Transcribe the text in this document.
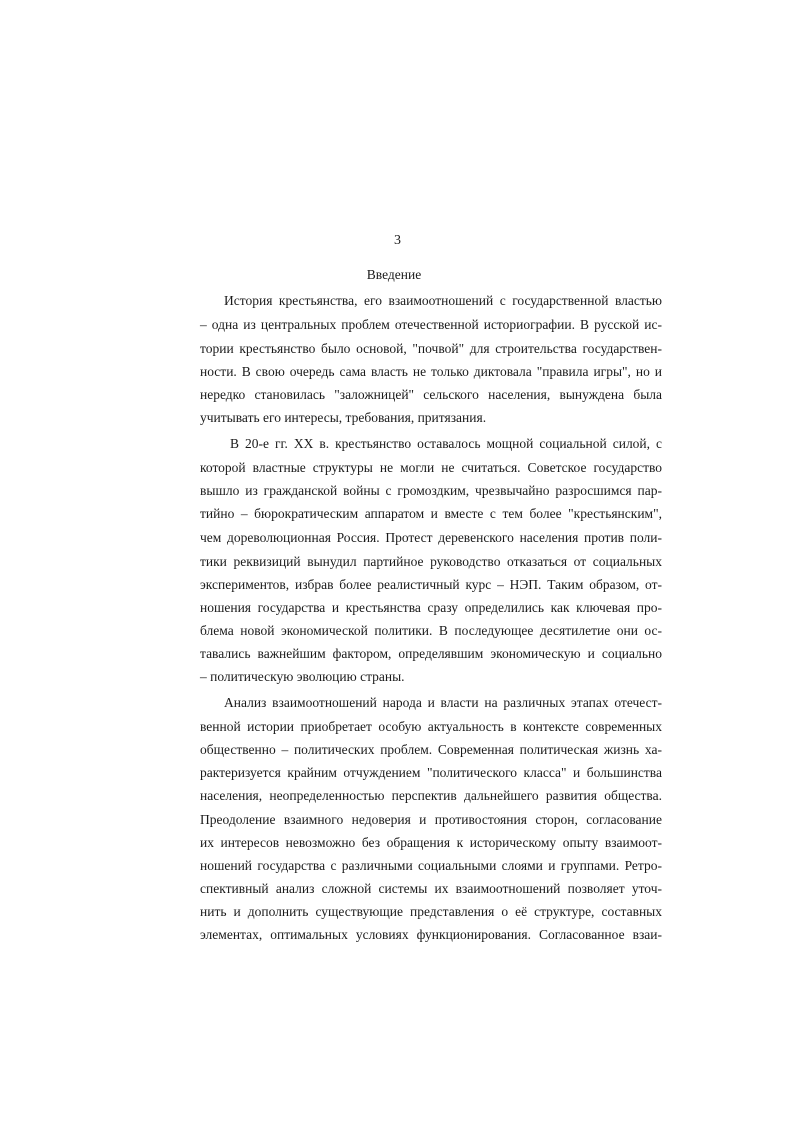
3
Введение
История крестьянства, его взаимоотношений с государственной властью
– одна из центральных проблем отечественной историографии. В русской ис-
тории крестьянство было основой, "почвой" для строительства государствен-
ности. В свою очередь сама власть не только диктовала "правила игры", но и
нередко становилась "заложницей" сельского населения, вынуждена была
учитывать его интересы, требования, притязания.
В 20-е гг. XX в. крестьянство оставалось мощной социальной силой, с
которой властные структуры не могли не считаться. Советское государство
вышло из гражданской войны с громоздким, чрезвычайно разросшимся пар-
тийно – бюрократическим аппаратом и вместе с тем более "крестьянским",
чем дореволюционная Россия. Протест деревенского населения против поли-
тики реквизиций вынудил партийное руководство отказаться от социальных
экспериментов, избрав более реалистичный курс – НЭП. Таким образом, от-
ношения государства и крестьянства сразу определились как ключевая про-
блема новой экономической политики. В последующее десятилетие они ос-
тавались важнейшим фактором, определявшим экономическую и социально
– политическую эволюцию страны.
Анализ взаимоотношений народа и власти на различных этапах отечест-
венной истории приобретает особую актуальность в контексте современных
общественно – политических проблем. Современная политическая жизнь ха-
рактеризуется крайним отчуждением "политического класса" и большинства
населения, неопределенностью перспектив дальнейшего развития общества.
Преодоление взаимного недоверия и противостояния сторон, согласование
их интересов невозможно без обращения к историческому опыту взаимоот-
ношений государства с различными социальными слоями и группами. Ретро-
спективный анализ сложной системы их взаимоотношений позволяет уточ-
нить и дополнить существующие представления о её структуре, составных
элементах, оптимальных условиях функционирования. Согласованное взаи-
